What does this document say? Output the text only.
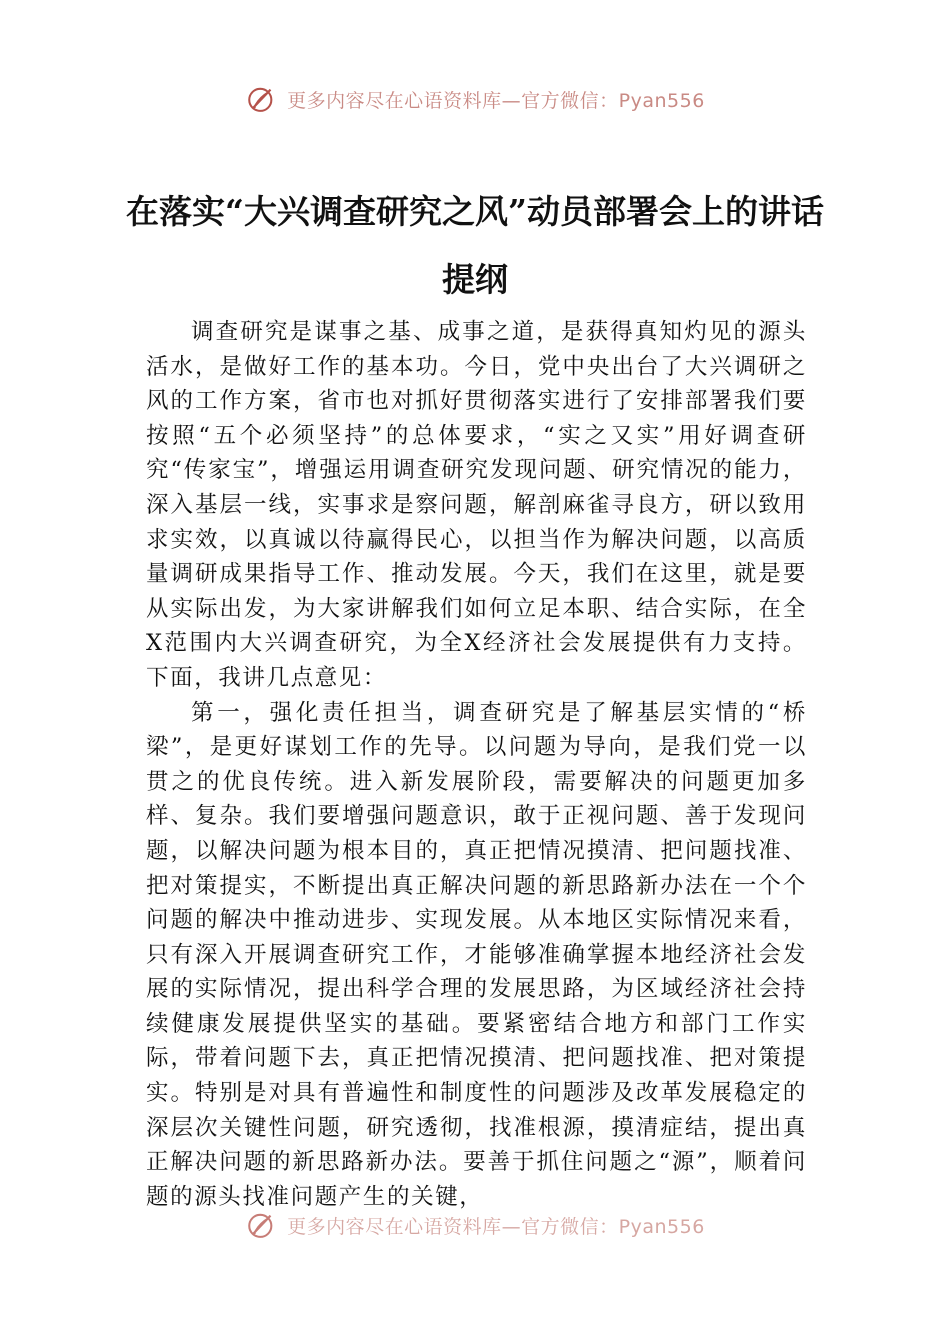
更多内容尽在心语资料库—官方微信：Pyan556
在落实“大兴调查研究之风”动员部署会上的讲话提纲

调查研究是谋事之基、成事之道，是获得真知灼见的源头活水，是做好工作的基本功。今日，党中央出台了大兴调研之风的工作方案，省市也对抓好贯彻落实进行了安排部署我们要按照“五个必须坚持”的总体要求，“实之又实”用好调查研究“传家宝”，增强运用调查研究发现问题、研究情况的能力，深入基层一线，实事求是察问题，解剖麻雀寻良方，研以致用求实效，以真诚以待赢得民心，以担当作为解决问题，以高质量调研成果指导工作、推动发展。今天，我们在这里，就是要从实际出发，为大家讲解我们如何立足本职、结合实际，在全X范围内大兴调查研究，为全X经济社会发展提供有力支持。下面，我讲几点意见：

第一，强化责任担当，调查研究是了解基层实情的“桥梁”，是更好谋划工作的先导。以问题为导向，是我们党一以贯之的优良传统。进入新发展阶段，需要解决的问题更加多样、复杂。我们要增强问题意识，敢于正视问题、善于发现问题，以解决问题为根本目的，真正把情况摸清、把问题找准、把对策提实，不断提出真正解决问题的新思路新办法在一个个问题的解决中推动进步、实现发展。从本地区实际情况来看，只有深入开展调查研究工作，才能够准确掌握本地经济社会发展的实际情况，提出科学合理的发展思路，为区域经济社会持续健康发展提供坚实的基础。要紧密结合地方和部门工作实际，带着问题下去，真正把情况摸清、把问题找准、把对策提实。特别是对具有普遍性和制度性的问题涉及改革发展稳定的深层次关键性问题，研究透彻，找准根源，摸清症结，提出真正解决问题的新思路新办法。要善于抓住问题之“源”，顺着问题的源头找准问题产生的关键，

更多内容尽在心语资料库—官方微信：Pyan556
